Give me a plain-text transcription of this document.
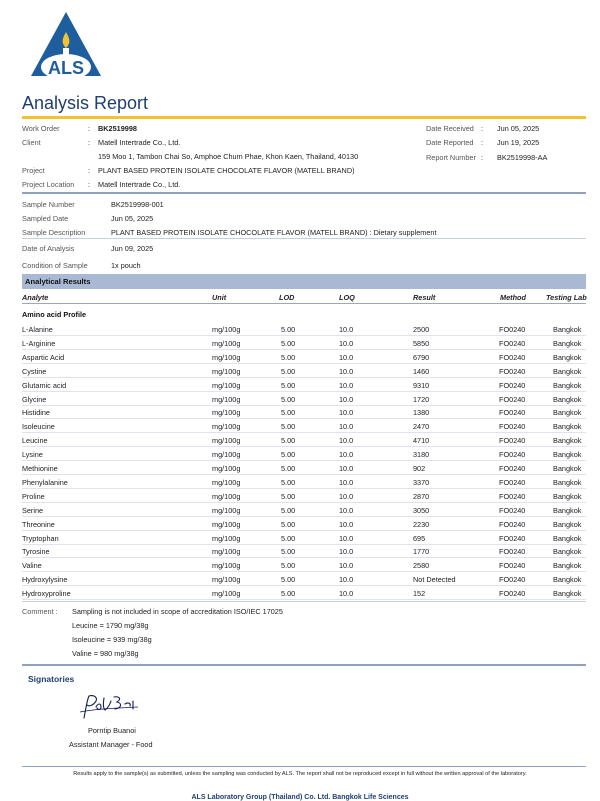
ALS
Analysis Report
Work Order	: BK2519998
Client	: Matell Intertrade Co., Ltd.
159 Moo 1, Tambon Chai So, Amphoe Chum Phae, Khon Kaen, Thailand, 40130
Project	: PLANT BASED PROTEIN ISOLATE CHOCOLATE FLAVOR (MATELL BRAND)
Project Location : Matell Intertrade Co., Ltd.
Date Received : Jun 05, 2025
Date Reported : Jun 19, 2025
Report Number : BK2519998-AA
Sample Number	BK2519998-001
Sampled Date	Jun 05, 2025
Sample Description	PLANT BASED PROTEIN ISOLATE CHOCOLATE FLAVOR (MATELL BRAND) : Dietary supplement
Date of Analysis	Jun 09, 2025
Condition of Sample	1x pouch
Analytical Results
Analyte	Unit	LOD	LOQ	Result	Method	Testing Lab
Amino acid Profile
L-Alanine	mg/100g	5.00	10.0	2500	FO0240	Bangkok
L-Arginine	mg/100g	5.00	10.0	5850	FO0240	Bangkok
Aspartic Acid	mg/100g	5.00	10.0	6790	FO0240	Bangkok
Cystine	mg/100g	5.00	10.0	1460	FO0240	Bangkok
Glutamic acid	mg/100g	5.00	10.0	9310	FO0240	Bangkok
Glycine	mg/100g	5.00	10.0	1720	FO0240	Bangkok
Histidine	mg/100g	5.00	10.0	1380	FO0240	Bangkok
Isoleucine	mg/100g	5.00	10.0	2470	FO0240	Bangkok
Leucine	mg/100g	5.00	10.0	4710	FO0240	Bangkok
Lysine	mg/100g	5.00	10.0	3180	FO0240	Bangkok
Methionine	mg/100g	5.00	10.0	902	FO0240	Bangkok
Phenylalanine	mg/100g	5.00	10.0	3370	FO0240	Bangkok
Proline	mg/100g	5.00	10.0	2870	FO0240	Bangkok
Serine	mg/100g	5.00	10.0	3050	FO0240	Bangkok
Threonine	mg/100g	5.00	10.0	2230	FO0240	Bangkok
Tryptophan	mg/100g	5.00	10.0	695	FO0240	Bangkok
Tyrosine	mg/100g	5.00	10.0	1770	FO0240	Bangkok
Valine	mg/100g	5.00	10.0	2580	FO0240	Bangkok
Hydroxylysine	mg/100g	5.00	10.0	Not Detected	FO0240	Bangkok
Hydroxyproline	mg/100g	5.00	10.0	152	FO0240	Bangkok
Comment : Sampling is not included in scope of accreditation ISO/IEC 17025
Leucine = 1790 mg/38g
Isoleucine = 939 mg/38g
Valine = 980 mg/38g
Signatories
Porntip Buanoi
Assistant Manager - Food
Results apply to the sample(s) as submitted, unless the sampling was conducted by ALS. The report shall not be reproduced except in full without the written approval of the laboratory.
ALS Laboratory Group (Thailand) Co. Ltd. Bangkok Life Sciences
